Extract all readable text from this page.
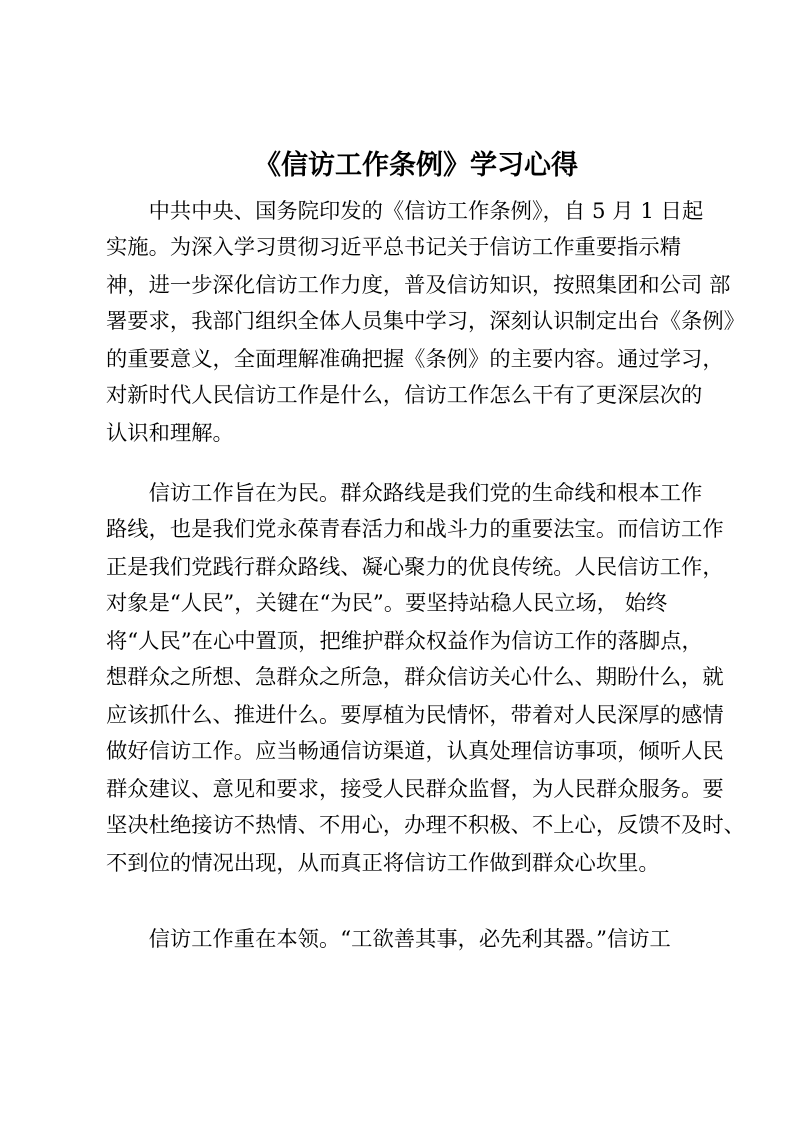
《信访工作条例》学习心得

　　中共中央、国务院印发的《信访工作条例》，自 5 月 1 日起

实施。为深入学习贯彻习近平总书记关于信访工作重要指示精

神，进一步深化信访工作力度，普及信访知识，按照集团和公司 部

署要求，我部门组织全体人员集中学习，深刻认识制定出台《条例》

的重要意义，全面理解准确把握《条例》的主要内容。通过学习，

对新时代人民信访工作是什么，信访工作怎么干有了更深层次的

认识和理解。

　　信访工作旨在为民。群众路线是我们党的生命线和根本工作

路线，也是我们党永葆青春活力和战斗力的重要法宝。而信访工作

正是我们党践行群众路线、凝心聚力的优良传统。人民信访工作，

对象是“人民”，关键在“为民”。要坚持站稳人民立场， 始终

将“人民”在心中置顶，把维护群众权益作为信访工作的落脚点，

想群众之所想、急群众之所急，群众信访关心什么、期盼什么，就

应该抓什么、推进什么。要厚植为民情怀，带着对人民深厚的感情

做好信访工作。应当畅通信访渠道，认真处理信访事项，倾听人民

群众建议、意见和要求，接受人民群众监督，为人民群众服务。要

坚决杜绝接访不热情、不用心，办理不积极、不上心，反馈不及时、

不到位的情况出现，从而真正将信访工作做到群众心坎里。

　　信访工作重在本领。“工欲善其事，必先利其器。”信访工
